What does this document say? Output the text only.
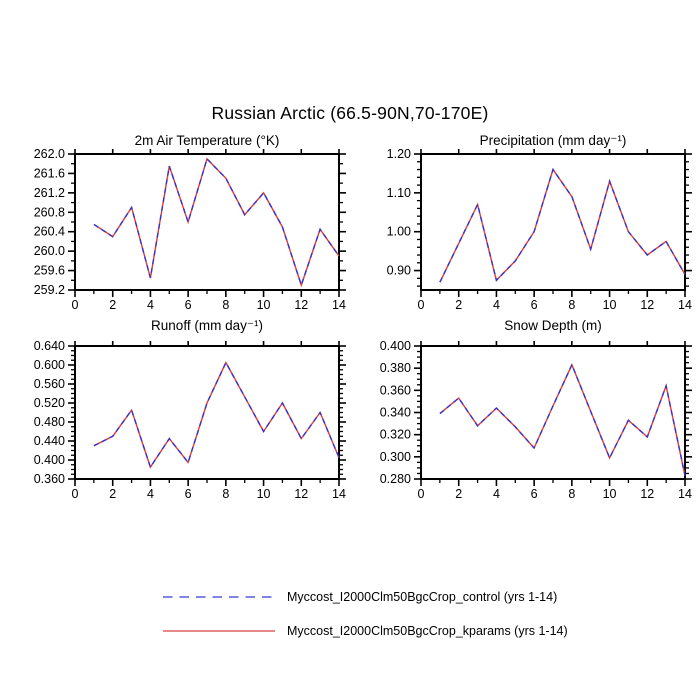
Russian Arctic (66.5-90N,70-170E)
2m Air Temperature (°K)	Precipitation (mm day⁻¹)
Runoff (mm day⁻¹)	Snow Depth (m)
0 2 4 6 8 10 12 14
259.2
259.6
260.0
260.4
260.8
261.2
261.6
262.0
0 2 4 6 8 10 12 14
0.90
1.00
1.10
1.20
0 2 4 6 8 10 12 14
0.360
0.400
0.440
0.480
0.520
0.560
0.600
0.640
0 2 4 6 8 10 12 14
0.280
0.300
0.320
0.340
0.360
0.380
0.400
Myccost_I2000Clm50BgcCrop_control (yrs 1-14)
Myccost_I2000Clm50BgcCrop_kparams (yrs 1-14)
